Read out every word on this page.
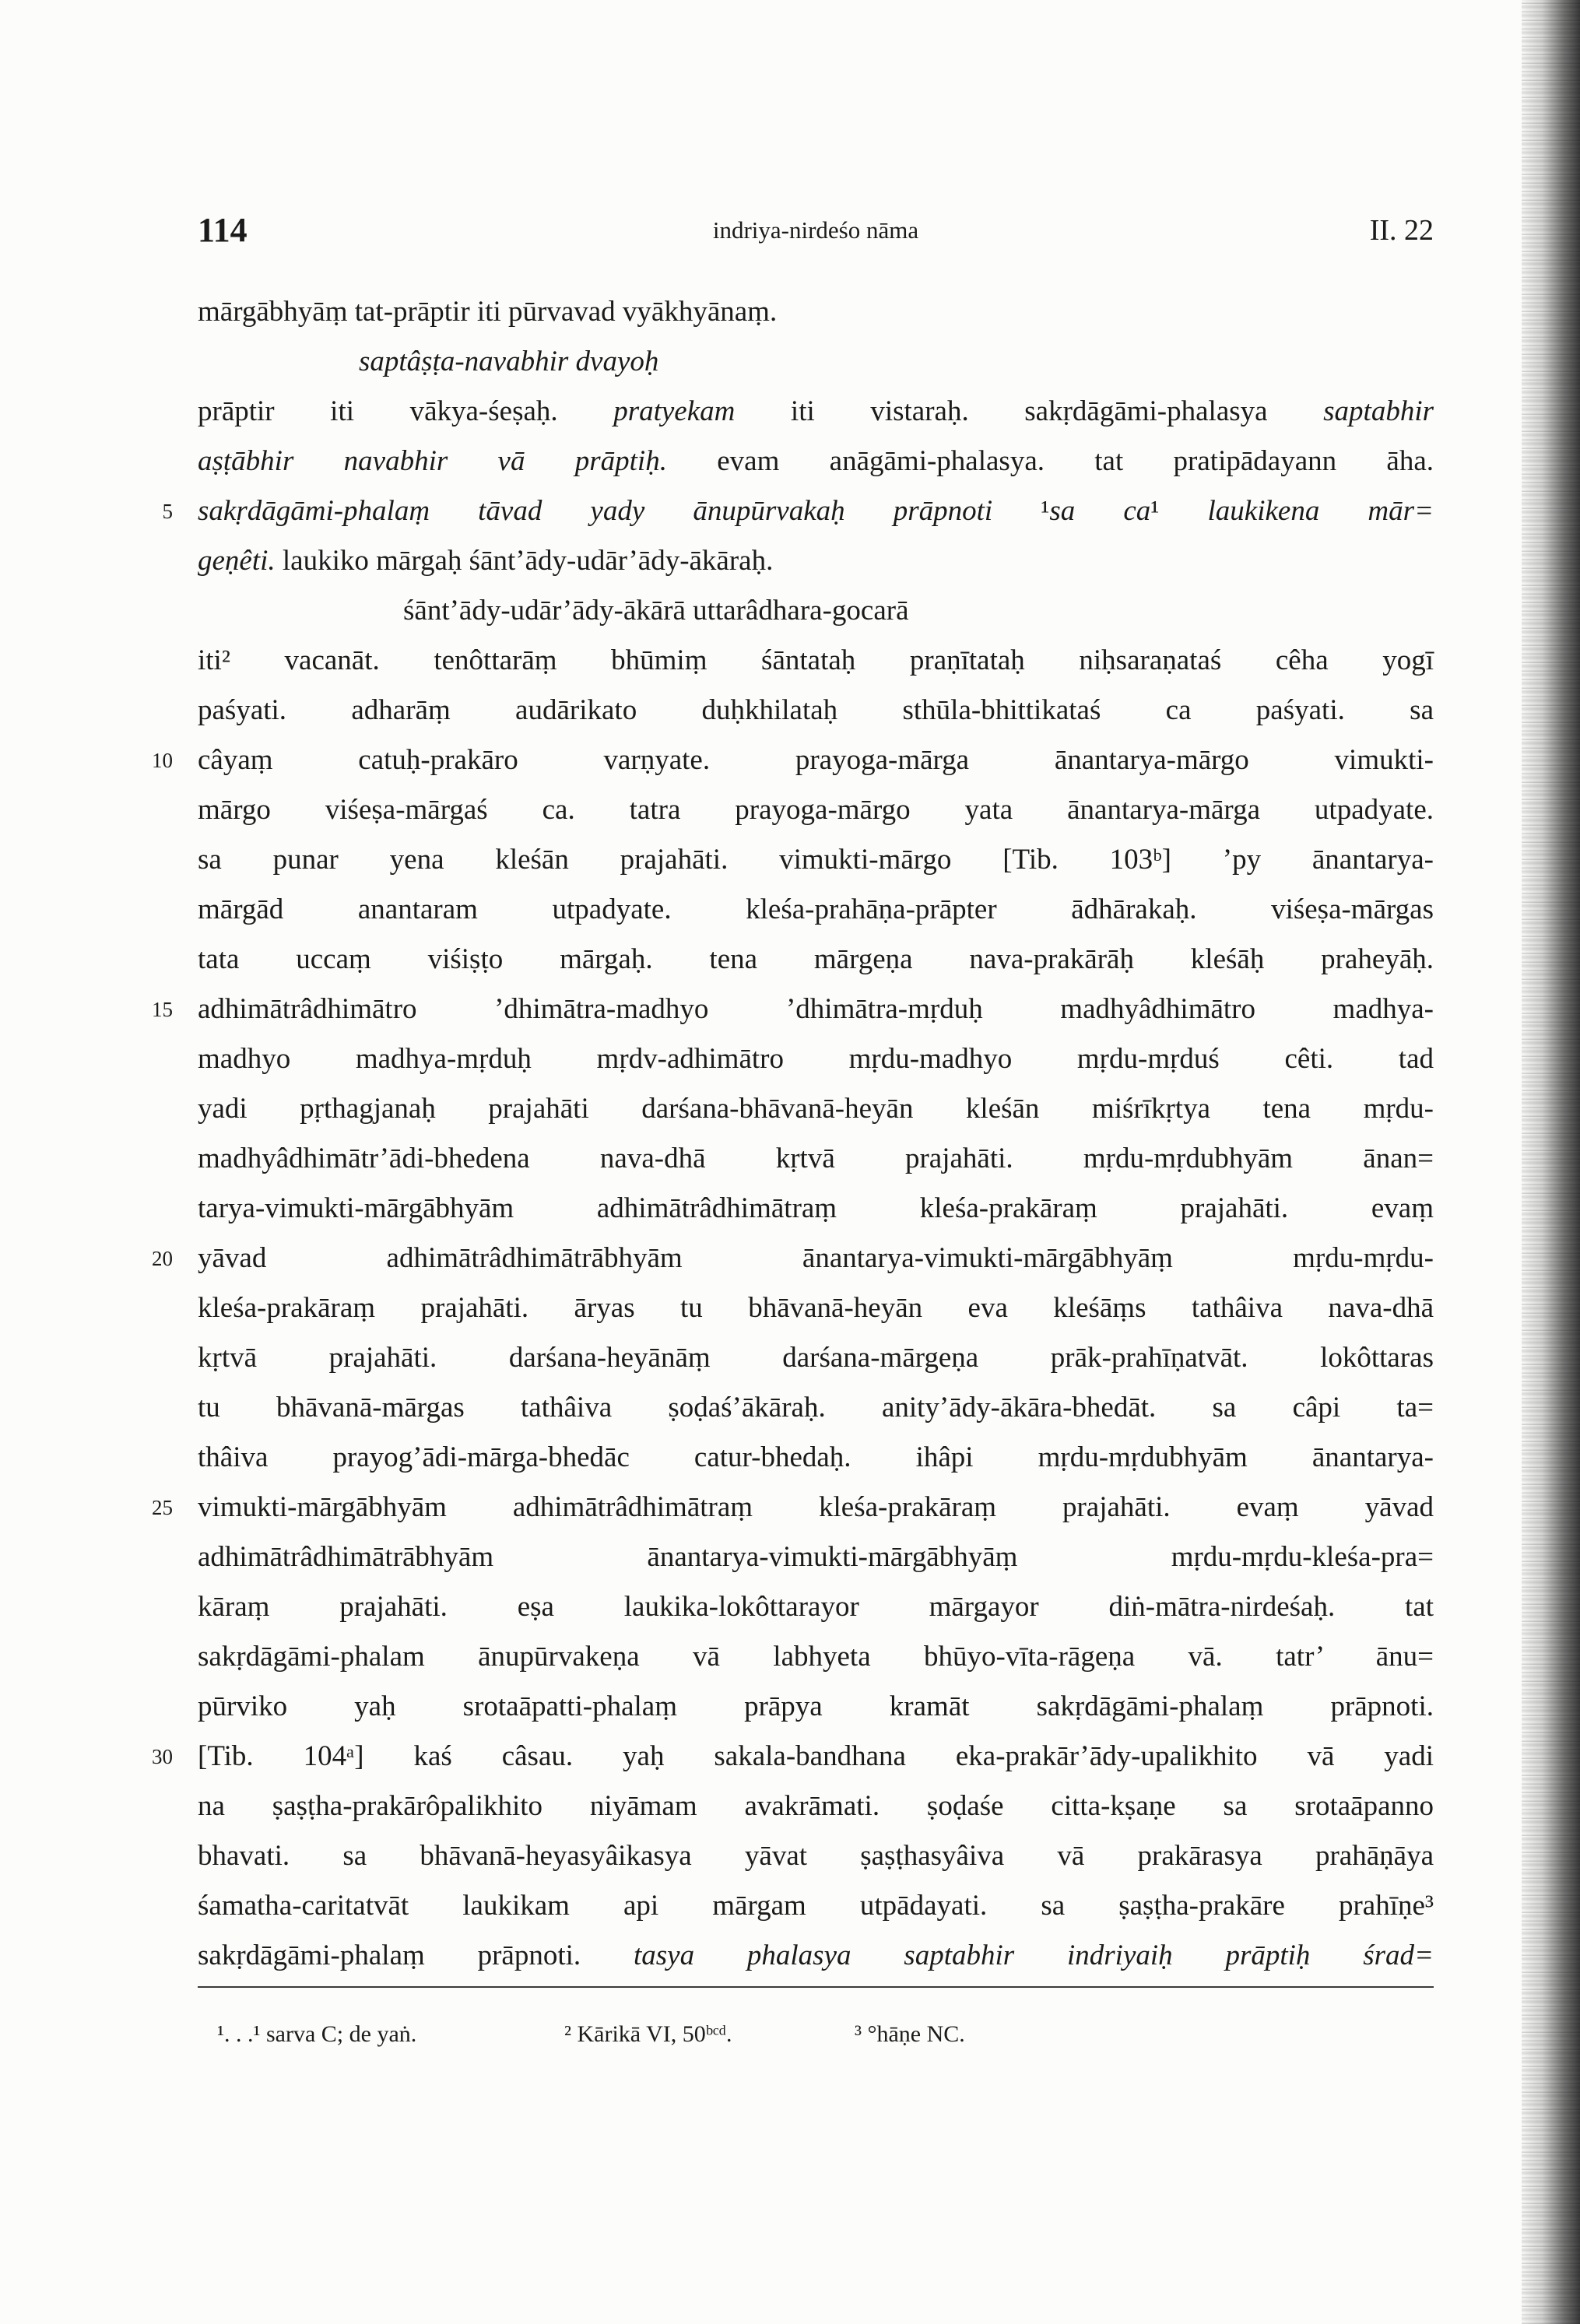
114	indriya-nirdeśo nāma	II. 22
5
10
15
20
25
30
mārgābhyāṃ tat-prāptir iti pūrvavad vyākhyānaṃ.
saptâṣṭa-navabhir dvayoḥ
prāptir iti vākya-śeṣaḥ. pratyekam iti vistaraḥ. sakṛdāgāmi-phalasya saptabhir
aṣṭābhir navabhir vā prāptiḥ. evam anāgāmi-phalasya. tat pratipādayann āha.
sakṛdāgāmi-phalaṃ tāvad yady ānupūrvakaḥ prāpnoti ¹sa ca¹ laukikena mār=
geṇêti. laukiko mārgaḥ śānt’ādy-udār’ādy-ākāraḥ.
śānt’ādy-udār’ādy-ākārā uttarâdhara-gocarā
iti² vacanāt. tenôttarāṃ bhūmiṃ śāntataḥ praṇītataḥ niḥsaraṇataś cêha yogī
paśyati. adharāṃ audārikato duḥkhilataḥ sthūla-bhittikataś ca paśyati. sa
câyaṃ catuḥ-prakāro varṇyate. prayoga-mārga ānantarya-mārgo vimukti-
mārgo viśeṣa-mārgaś ca. tatra prayoga-mārgo yata ānantarya-mārga utpadyate.
sa punar yena kleśān prajahāti. vimukti-mārgo [Tib. 103ᵇ] ’py ānantarya-
mārgād anantaram utpadyate. kleśa-prahāṇa-prāpter ādhārakaḥ. viśeṣa-mārgas
tata uccaṃ viśiṣṭo mārgaḥ. tena mārgeṇa nava-prakārāḥ kleśāḥ praheyāḥ.
adhimātrâdhimātro ’dhimātra-madhyo ’dhimātra-mṛduḥ madhyâdhimātro madhya-
madhyo madhya-mṛduḥ mṛdv-adhimātro mṛdu-madhyo mṛdu-mṛduś cêti. tad
yadi pṛthagjanaḥ prajahāti darśana-bhāvanā-heyān kleśān miśrīkṛtya tena mṛdu-
madhyâdhimātr’ādi-bhedena nava-dhā kṛtvā prajahāti. mṛdu-mṛdubhyām ānan=
tarya-vimukti-mārgābhyām adhimātrâdhimātraṃ kleśa-prakāraṃ prajahāti. evaṃ
yāvad adhimātrâdhimātrābhyām ānantarya-vimukti-mārgābhyāṃ mṛdu-mṛdu-
kleśa-prakāraṃ prajahāti. āryas tu bhāvanā-heyān eva kleśāṃs tathâiva nava-dhā
kṛtvā prajahāti. darśana-heyānāṃ darśana-mārgeṇa prāk-prahīṇatvāt. lokôttaras
tu bhāvanā-mārgas tathâiva ṣoḍaś’ākāraḥ. anity’ādy-ākāra-bhedāt. sa câpi ta=
thâiva prayog’ādi-mārga-bhedāc catur-bhedaḥ. ihâpi mṛdu-mṛdubhyām ānantarya-
vimukti-mārgābhyām adhimātrâdhimātraṃ kleśa-prakāraṃ prajahāti. evaṃ yāvad
adhimātrâdhimātrābhyām ānantarya-vimukti-mārgābhyāṃ mṛdu-mṛdu-kleśa-pra=
kāraṃ prajahāti. eṣa laukika-lokôttarayor mārgayor diṅ-mātra-nirdeśaḥ. tat
sakṛdāgāmi-phalam ānupūrvakeṇa vā labhyeta bhūyo-vīta-rāgeṇa vā. tatr’ ānu=
pūrviko yaḥ srotaāpatti-phalaṃ prāpya kramāt sakṛdāgāmi-phalaṃ prāpnoti.
[Tib. 104ᵃ] kaś câsau. yaḥ sakala-bandhana eka-prakār’ādy-upalikhito vā yadi
na ṣaṣṭha-prakārôpalikhito niyāmam avakrāmati. ṣoḍaśe citta-kṣaṇe sa srotaāpanno
bhavati. sa bhāvanā-heyasyâikasya yāvat ṣaṣṭhasyâiva vā prakārasya prahāṇāya
śamatha-caritatvāt laukikam api mārgam utpādayati. sa ṣaṣṭha-prakāre prahīṇe³
sakṛdāgāmi-phalaṃ prāpnoti. tasya phalasya saptabhir indriyaiḥ prāptiḥ śrad=
¹. . .¹ sarva C; de yaṅ.	² Kārikā VI, 50ᵇᶜᵈ.	³ °hāṇe NC.
